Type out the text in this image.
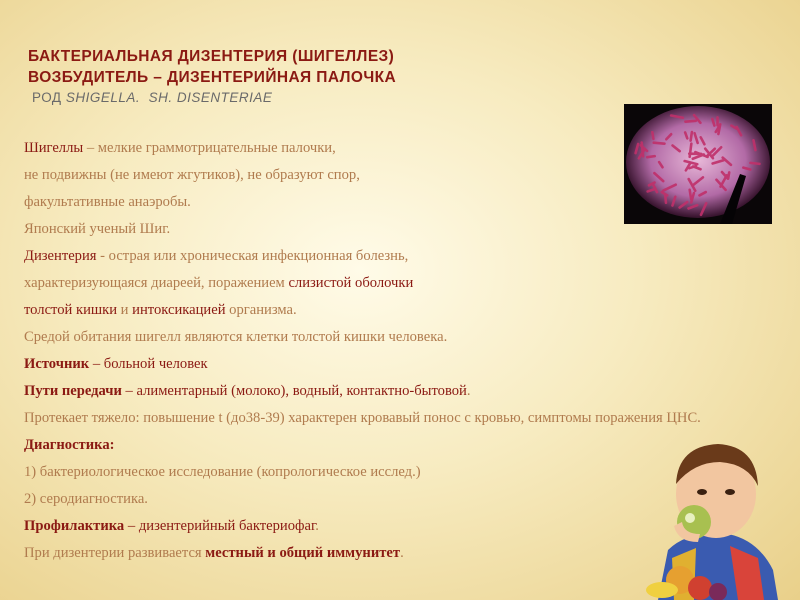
БАКТЕРИАЛЬНАЯ ДИЗЕНТЕРИЯ (ШИГЕЛЛЕЗ)
ВОЗБУДИТЕЛЬ – ДИЗЕНТЕРИЙНАЯ ПАЛОЧКА
РОД SHIGELLA. SH. DISENTERIAE
Шигеллы – мелкие граммотрицательные палочки,
не подвижны (не имеют жгутиков), не образуют спор,
факультативные анаэробы.
Японский ученый Шиг.
Дизентерия - острая или хроническая инфекционная болезнь,
характеризующаяся диареей, поражением слизистой оболочки
толстой кишки и интоксикацией организма.
Средой обитания шигелл являются клетки толстой кишки человека.
Источник – больной человек
Пути передачи – алиментарный (молоко), водный, контактно-бытовой.
Протекает тяжело: повышение t (до38-39) характерен кровавый понос с кровью, симптомы поражения ЦНС.
Диагностика:
1) бактериологическое исследование (копрологическое исслед.)
2) серодиагностика.
Профилактика – дизентерийный бактериофаг.
При дизентерии развивается местный и общий иммунитет.
